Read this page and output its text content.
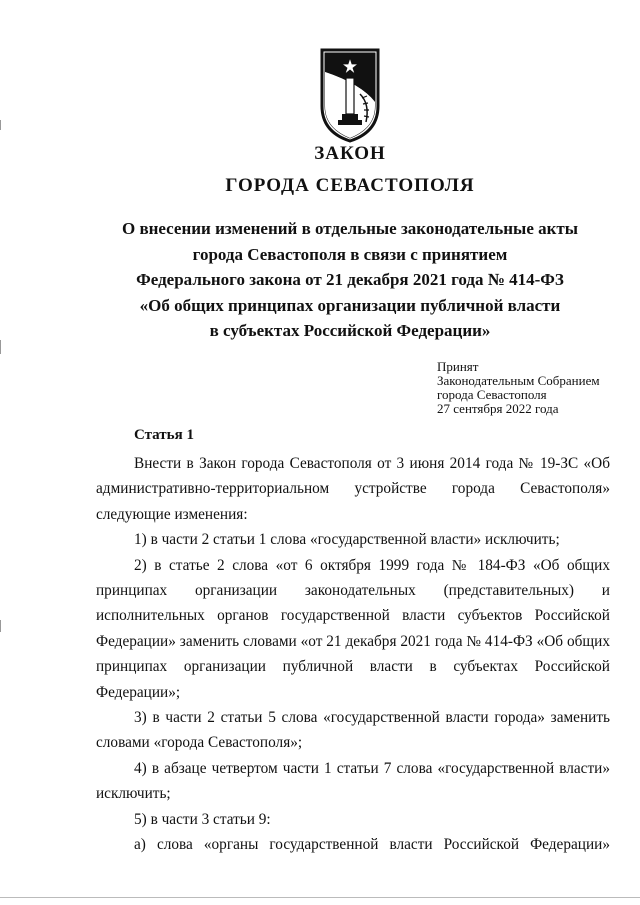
ЗАКОН
ГОРОДА СЕВАСТОПОЛЯ
О внесении изменений в отдельные законодательные акты
города Севастополя в связи с принятием
Федерального закона от 21 декабря 2021 года № 414-ФЗ
«Об общих принципах организации публичной власти
в субъектах Российской Федерации»
Принят
Законодательным Собранием
города Севастополя
27 сентября 2022 года
Статья 1

Внести в Закон города Севастополя от 3 июня 2014 года № 19-ЗС «Об административно-территориальном устройстве города Севастополя» следующие изменения:

1) в части 2 статьи 1 слова «государственной власти» исключить;

2) в статье 2 слова «от 6 октября 1999 года № 184-ФЗ «Об общих принципах организации законодательных (представительных) и исполнительных органов государственной власти субъектов Российской Федерации» заменить словами «от 21 декабря 2021 года № 414-ФЗ «Об общих принципах организации публичной власти в субъектах Российской Федерации»;

3) в части 2 статьи 5 слова «государственной власти города» заменить словами «города Севастополя»;

4) в абзаце четвертом части 1 статьи 7 слова «государственной власти» исключить;

5) в части 3 статьи 9:

а) слова «органы государственной власти Российской Федерации»
